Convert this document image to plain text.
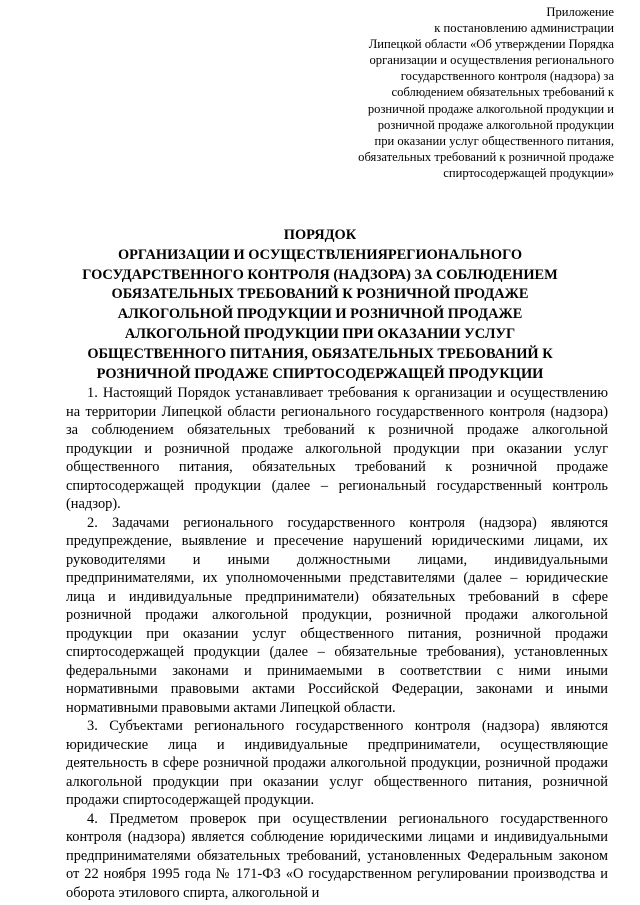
Приложение
к постановлению администрации
Липецкой области «Об утверждении Порядка
организации и осуществления регионального
государственного контроля (надзора) за
соблюдением обязательных требований к
розничной продаже алкогольной продукции и
розничной продаже алкогольной продукции
при оказании услуг общественного питания,
обязательных требований к розничной продаже
спиртосодержащей продукции»
ПОРЯДОК
ОРГАНИЗАЦИИ И ОСУЩЕСТВЛЕНИЯРЕГИОНАЛЬНОГО
ГОСУДАРСТВЕННОГО КОНТРОЛЯ (НАДЗОРА) ЗА СОБЛЮДЕНИЕМ
ОБЯЗАТЕЛЬНЫХ ТРЕБОВАНИЙ К РОЗНИЧНОЙ ПРОДАЖЕ
АЛКОГОЛЬНОЙ ПРОДУКЦИИ И РОЗНИЧНОЙ ПРОДАЖЕ
АЛКОГОЛЬНОЙ ПРОДУКЦИИ ПРИ ОКАЗАНИИ УСЛУГ
ОБЩЕСТВЕННОГО ПИТАНИЯ, ОБЯЗАТЕЛЬНЫХ ТРЕБОВАНИЙ К
РОЗНИЧНОЙ ПРОДАЖЕ СПИРТОСОДЕРЖАЩЕЙ ПРОДУКЦИИ

1. Настоящий Порядок устанавливает требования к организации и осуществлению на территории Липецкой области регионального государственного контроля (надзора) за соблюдением обязательных требований к розничной продаже алкогольной продукции и розничной продаже алкогольной продукции при оказании услуг общественного питания, обязательных требований к розничной продаже спиртосодержащей продукции (далее – региональный государственный контроль (надзор).

2. Задачами регионального государственного контроля (надзора) являются предупреждение, выявление и пресечение нарушений юридическими лицами, их руководителями и иными должностными лицами, индивидуальными предпринимателями, их уполномоченными представителями (далее – юридические лица и индивидуальные предприниматели) обязательных требований в сфере розничной продажи алкогольной продукции, розничной продажи алкогольной продукции при оказании услуг общественного питания, розничной продажи спиртосодержащей продукции (далее – обязательные требования), установленных федеральными законами и принимаемыми в соответствии с ними иными нормативными правовыми актами Российской Федерации, законами и иными нормативными правовыми актами Липецкой области.

3. Субъектами регионального государственного контроля (надзора) являются юридические лица и индивидуальные предприниматели, осуществляющие деятельность в сфере розничной продажи алкогольной продукции, розничной продажи алкогольной продукции при оказании услуг общественного питания, розничной продажи спиртосодержащей продукции.

4. Предметом проверок при осуществлении регионального государственного контроля (надзора) является соблюдение юридическими лицами и индивидуальными предпринимателями обязательных требований, установленных Федеральным законом от 22 ноября 1995 года № 171-ФЗ «О государственном регулировании производства и оборота этилового спирта, алкогольной и
